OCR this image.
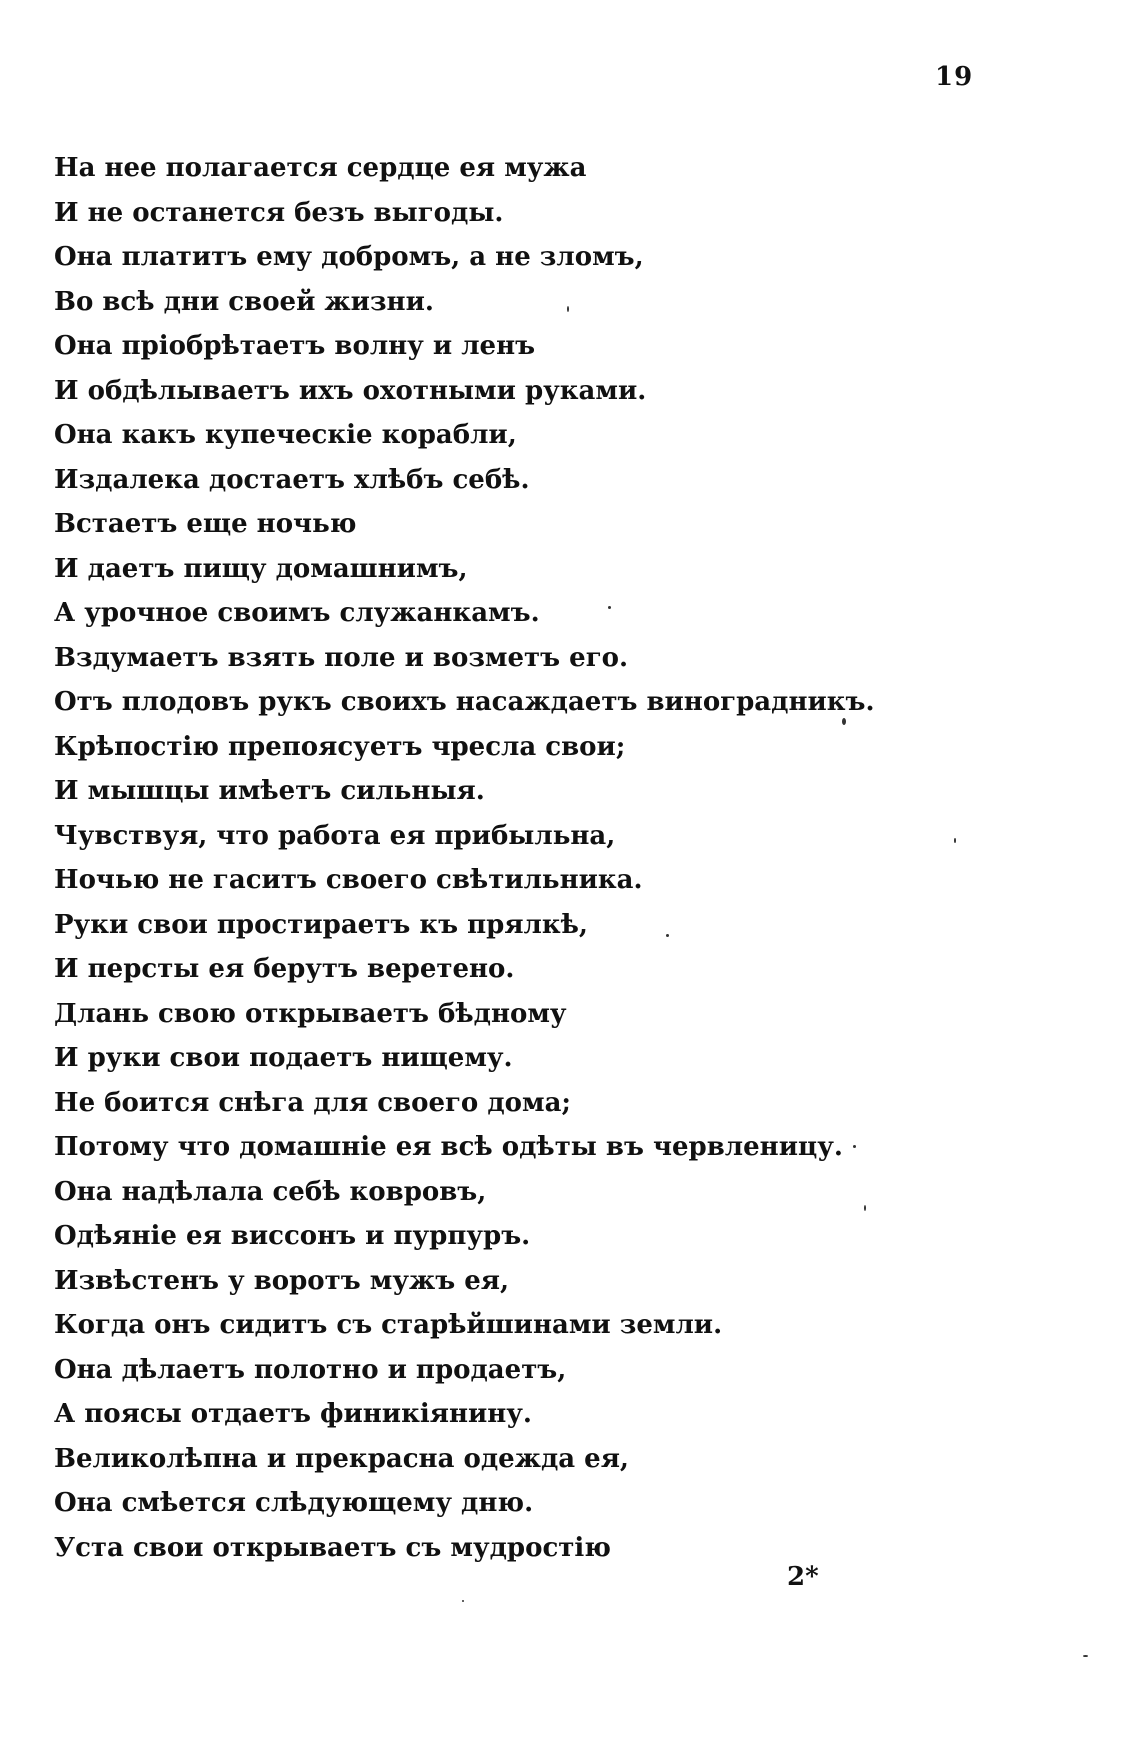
19
На нее полагается сердце ея мужа
И не останется безъ выгоды.
Она платитъ ему добромъ, а не зломъ,
Во всѣ дни своей жизни.
Она пріобрѣтаетъ волну и ленъ
И обдѣлываетъ ихъ охотными руками.
Она какъ купеческіе корабли,
Издалека достаетъ хлѣбъ себѣ.
Встаетъ еще ночью
И даетъ пищу домашнимъ,
А урочное своимъ служанкамъ.
Вздумаетъ взять поле и возметъ его.
Отъ плодовъ рукъ своихъ насаждаетъ виноградникъ.
Крѣпостію препоясуетъ чресла свои;
И мышцы имѣетъ сильныя.
Чувствуя, что работа ея прибыльна,
Ночью не гаситъ своего свѣтильника.
Руки свои простираетъ къ прялкѣ,
И персты ея берутъ веретено.
Длань свою открываетъ бѣдному
И руки свои подаетъ нищему.
Не боится снѣга для своего дома;
Потому что домашніе ея всѣ одѣты въ червленицу.
Она надѣлала себѣ ковровъ,
Одѣяніе ея виссонъ и пурпуръ.
Извѣстенъ у воротъ мужъ ея,
Когда онъ сидитъ съ старѣйшинами земли.
Она дѣлаетъ полотно и продаетъ,
А поясы отдаетъ финикіянину.
Великолѣпна и прекрасна одежда ея,
Она смѣется слѣдующему дню.
Уста свои открываетъ съ мудростію
2*
